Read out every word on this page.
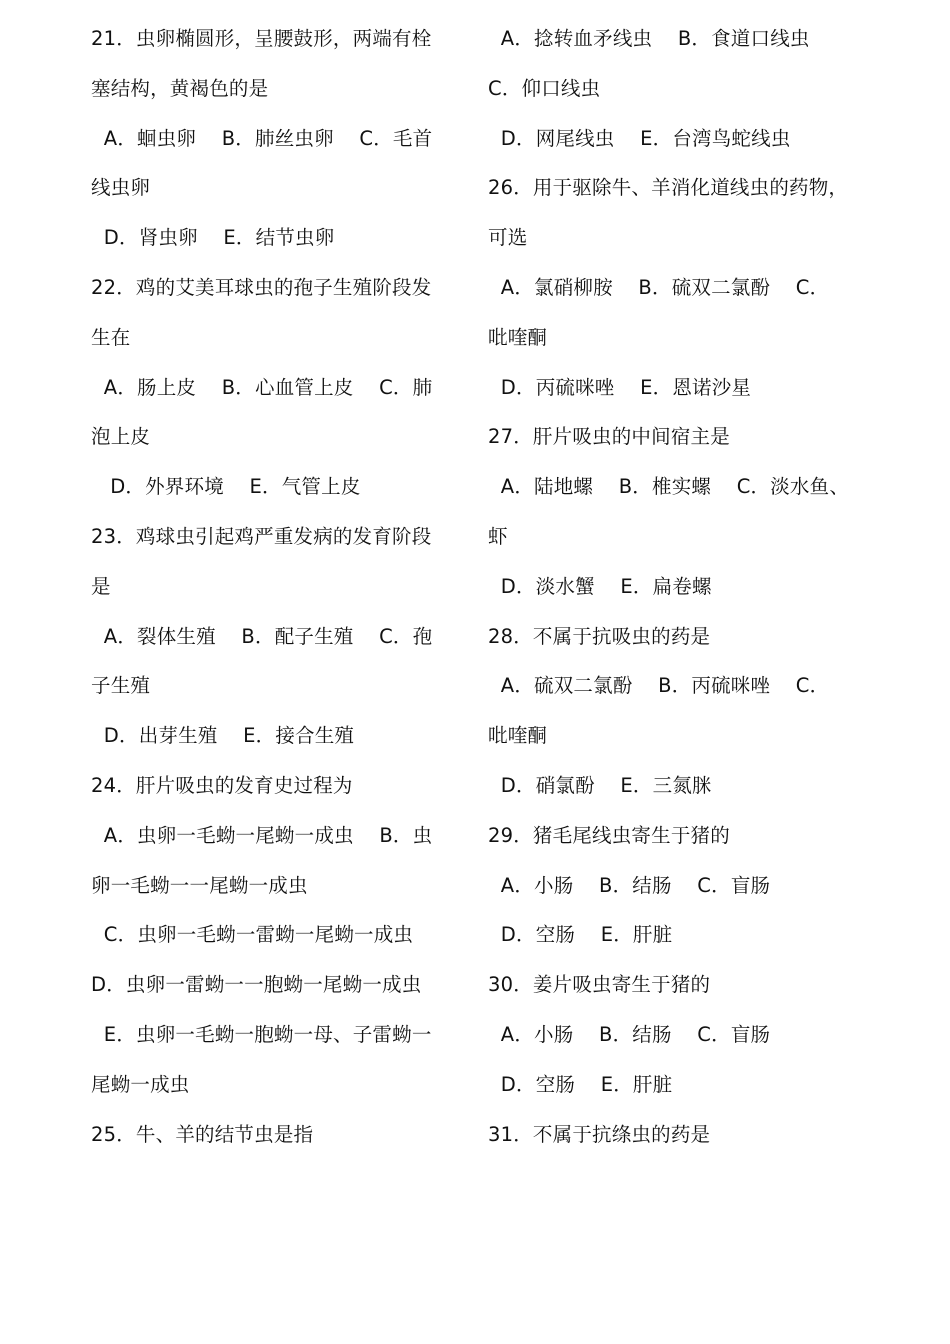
21．虫卵椭圆形，呈腰鼓形，两端有栓
塞结构，黄褐色的是
A．蛔虫卵    B．肺丝虫卵    C．毛首
线虫卵
D．肾虫卵    E．结节虫卵
22．鸡的艾美耳球虫的孢子生殖阶段发
生在
A．肠上皮    B．心血管上皮    C．肺
泡上皮
D．外界环境    E．气管上皮
23．鸡球虫引起鸡严重发病的发育阶段
是
A．裂体生殖    B．配子生殖    C．孢
子生殖
D．出芽生殖    E．接合生殖
24．肝片吸虫的发育史过程为
A．虫卵一毛蚴一尾蚴一成虫    B．虫
卵一毛蚴一一尾蚴一成虫
C．虫卵一毛蚴一雷蚴一尾蚴一成虫
D．虫卵一雷蚴一一胞蚴一尾蚴一成虫
E．虫卵一毛蚴一胞蚴一母、子雷蚴一
尾蚴一成虫
25．牛、羊的结节虫是指
A．捻转血矛线虫    B．食道口线虫
C．仰口线虫
D．网尾线虫    E．台湾鸟蛇线虫
26．用于驱除牛、羊消化道线虫的药物，
可选
A．氯硝柳胺    B．硫双二氯酚    C．
吡喹酮
D．丙硫咪唑    E．恩诺沙星
27．肝片吸虫的中间宿主是
A．陆地螺    B．椎实螺    C．淡水鱼、
虾
D．淡水蟹    E．扁卷螺
28．不属于抗吸虫的药是
A．硫双二氯酚    B．丙硫咪唑    C．
吡喹酮
D．硝氯酚    E．三氮脒
29．猪毛尾线虫寄生于猪的
A．小肠    B．结肠    C．盲肠
D．空肠    E．肝脏
30．姜片吸虫寄生于猪的
A．小肠    B．结肠    C．盲肠
D．空肠    E．肝脏
31．不属于抗绦虫的药是
